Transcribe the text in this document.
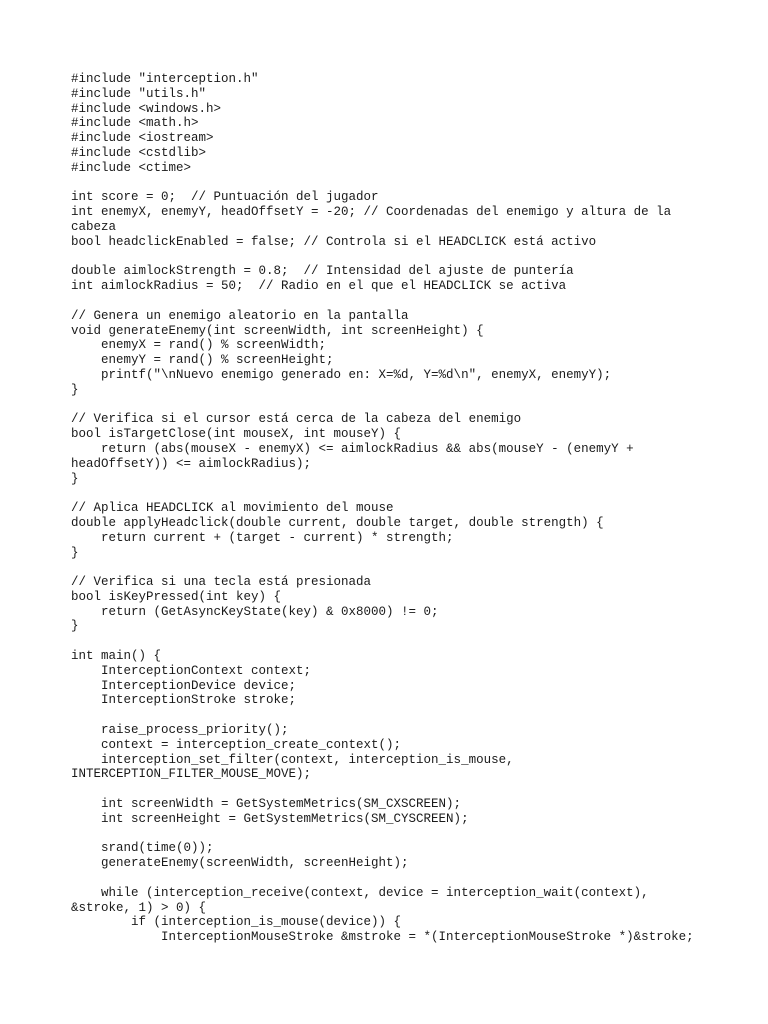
#include "interception.h"
#include "utils.h"
#include <windows.h>
#include <math.h>
#include <iostream>
#include <cstdlib>
#include <ctime>
int score = 0;  // Puntuación del jugador
int enemyX, enemyY, headOffsetY = -20; // Coordenadas del enemigo y altura de la
cabeza
bool headclickEnabled = false; // Controla si el HEADCLICK está activo
double aimlockStrength = 0.8;  // Intensidad del ajuste de puntería
int aimlockRadius = 50;  // Radio en el que el HEADCLICK se activa
// Genera un enemigo aleatorio en la pantalla
void generateEnemy(int screenWidth, int screenHeight) {
enemyX = rand() % screenWidth;
enemyY = rand() % screenHeight;
printf("\nNuevo enemigo generado en: X=%d, Y=%d\n", enemyX, enemyY);
}
// Verifica si el cursor está cerca de la cabeza del enemigo
bool isTargetClose(int mouseX, int mouseY) {
return (abs(mouseX - enemyX) <= aimlockRadius && abs(mouseY - (enemyY +
headOffsetY)) <= aimlockRadius);
}
// Aplica HEADCLICK al movimiento del mouse
double applyHeadclick(double current, double target, double strength) {
return current + (target - current) * strength;
}
// Verifica si una tecla está presionada
bool isKeyPressed(int key) {
return (GetAsyncKeyState(key) & 0x8000) != 0;
}
int main() {
InterceptionContext context;
InterceptionDevice device;
InterceptionStroke stroke;
raise_process_priority();
context = interception_create_context();
interception_set_filter(context, interception_is_mouse,
INTERCEPTION_FILTER_MOUSE_MOVE);
int screenWidth = GetSystemMetrics(SM_CXSCREEN);
int screenHeight = GetSystemMetrics(SM_CYSCREEN);
srand(time(0));
generateEnemy(screenWidth, screenHeight);
while (interception_receive(context, device = interception_wait(context),
&stroke, 1) > 0) {
if (interception_is_mouse(device)) {
InterceptionMouseStroke &mstroke = *(InterceptionMouseStroke *)&stroke;
